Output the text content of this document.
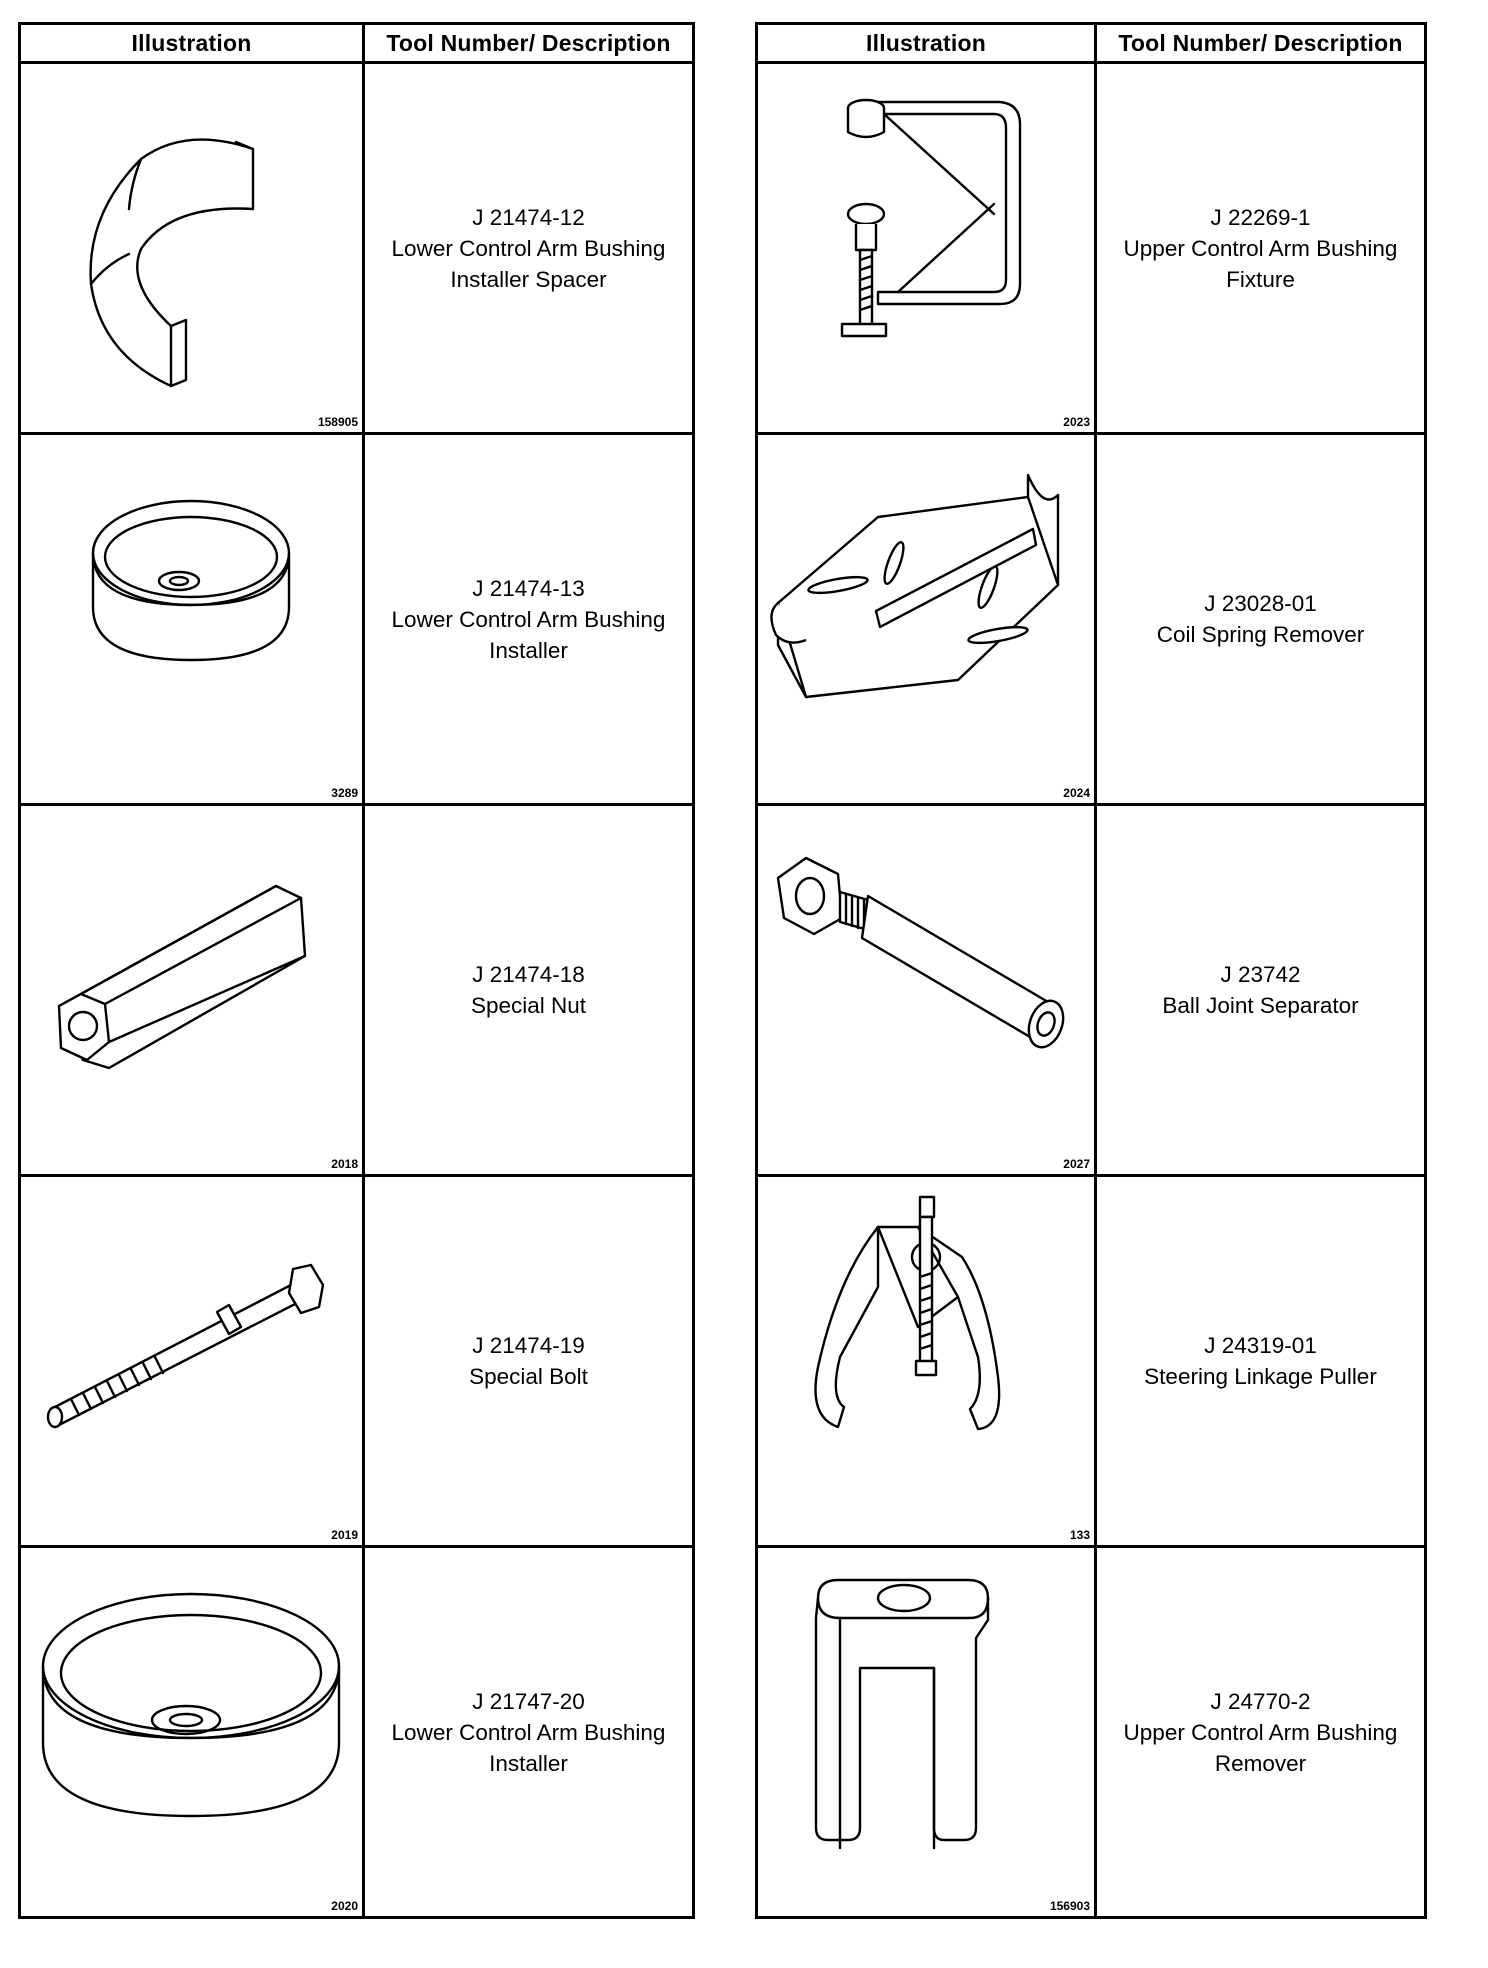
Illustration	Tool Number/ Description

158905	J 21474-12
Lower Control Arm Bushing Installer Spacer

3289	J 21474-13
Lower Control Arm Bushing Installer

2018	J 21474-18
Special Nut

2019	J 21474-19
Special Bolt

2020	J 21747-20
Lower Control Arm Bushing Installer
Illustration	Tool Number/ Description

2023	J 22269-1
Upper Control Arm Bushing Fixture

2024	J 23028-01
Coil Spring Remover

2027	J 23742
Ball Joint Separator

133	J 24319-01
Steering Linkage Puller

156903	J 24770-2
Upper Control Arm Bushing Remover
